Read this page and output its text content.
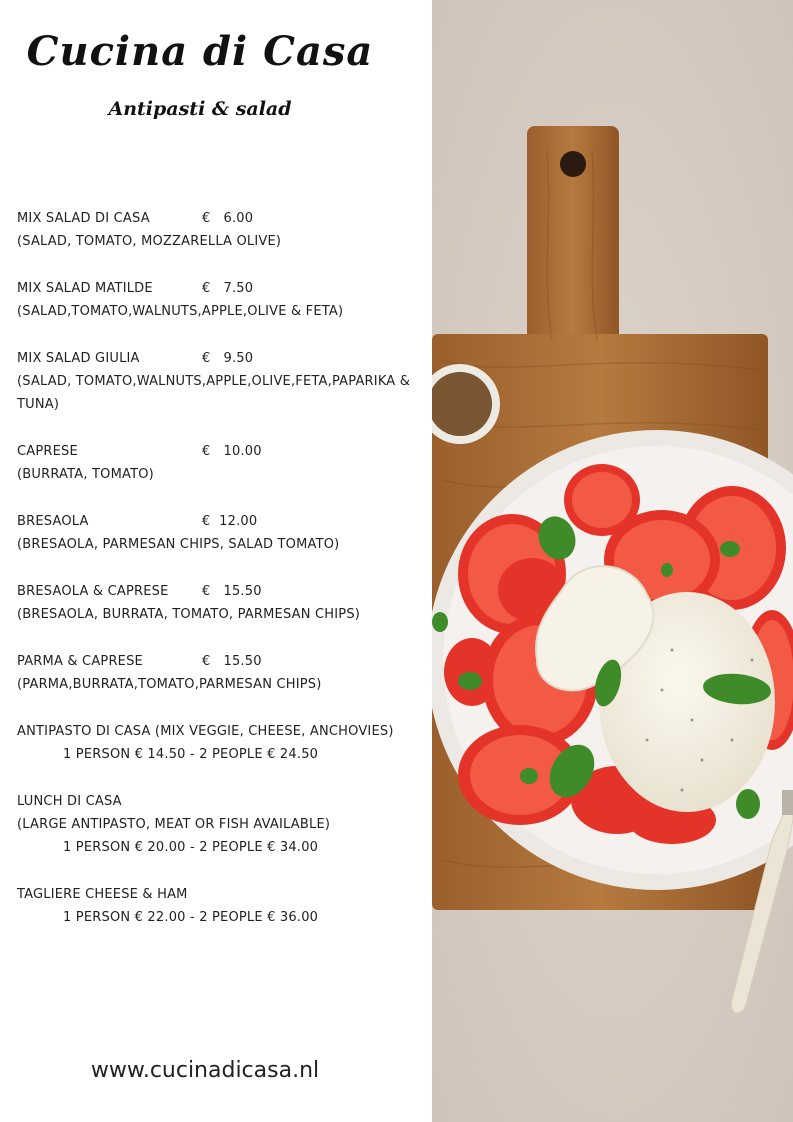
Cucina di Casa
Antipasti & salad
MIX SALAD DI CASA	€   6.00
(SALAD, TOMATO, MOZZARELLA OLIVE)
MIX SALAD MATILDE	€   7.50
(SALAD,TOMATO,WALNUTS,APPLE,OLIVE & FETA)
MIX SALAD GIULIA	€   9.50
(SALAD, TOMATO,WALNUTS,APPLE,OLIVE,FETA,PAPARIKA & TUNA)
CAPRESE	€   10.00
(BURRATA, TOMATO)
BRESAOLA	€  12.00
(BRESAOLA, PARMESAN CHIPS, SALAD TOMATO)
BRESAOLA & CAPRESE	€   15.50
(BRESAOLA, BURRATA, TOMATO, PARMESAN CHIPS)
PARMA & CAPRESE	€   15.50
(PARMA,BURRATA,TOMATO,PARMESAN CHIPS)
ANTIPASTO DI CASA (MIX VEGGIE, CHEESE, ANCHOVIES)
1 PERSON € 14.50 - 2 PEOPLE € 24.50
LUNCH DI CASA
(LARGE ANTIPASTO, MEAT OR FISH AVAILABLE)
1 PERSON € 20.00 - 2 PEOPLE € 34.00
TAGLIERE CHEESE & HAM
1 PERSON € 22.00 - 2 PEOPLE € 36.00
www.cucinadicasa.nl
